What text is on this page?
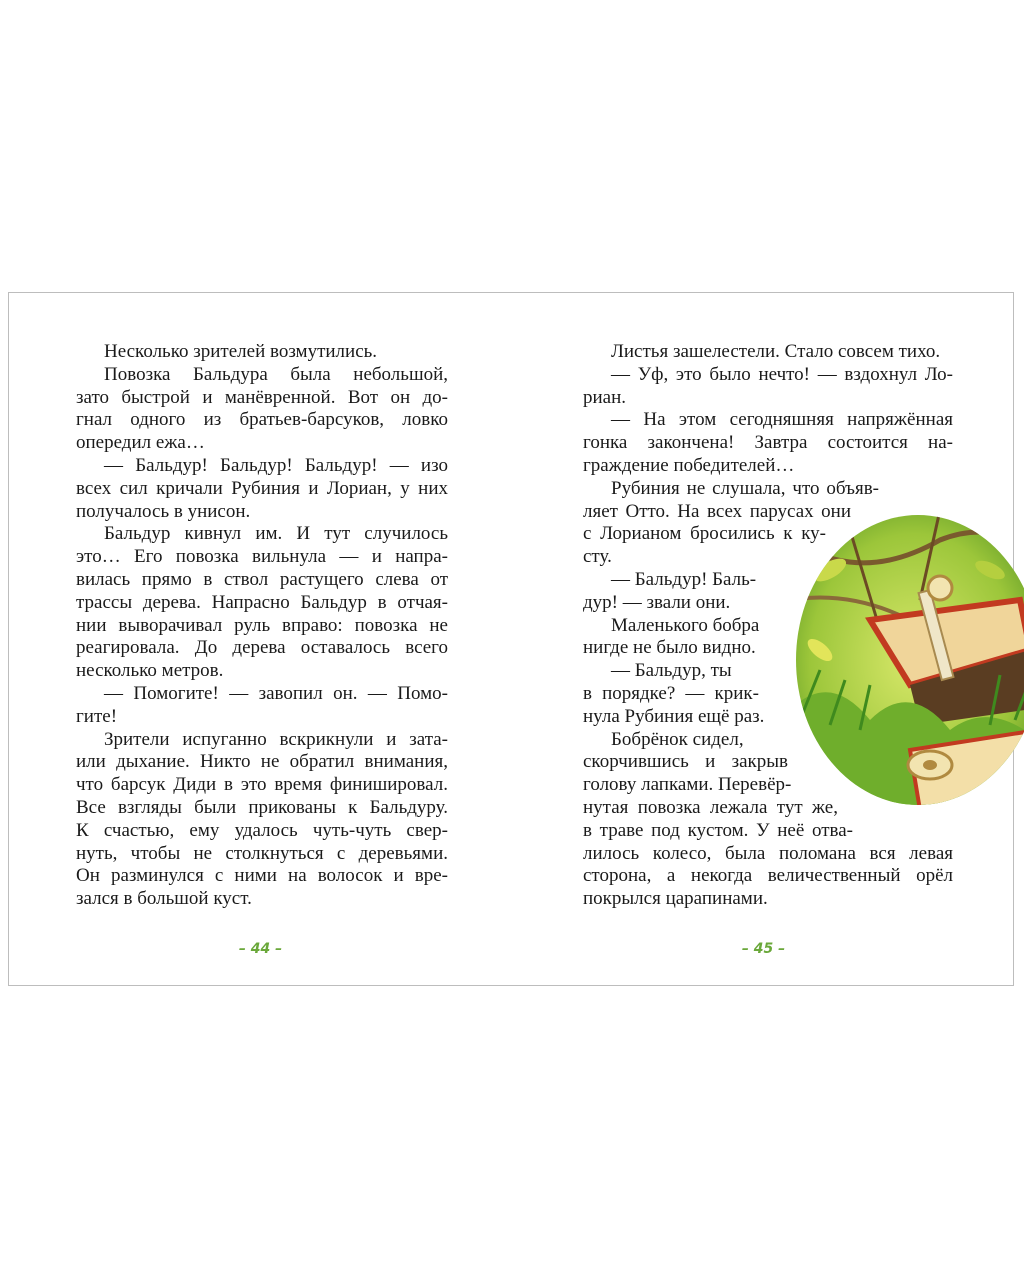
Несколько зрителей возмутились.
Повозка Бальдура была небольшой,
зато быстрой и манёвренной. Вот он до-
гнал одного из братьев-барсуков, ловко
опередил ежа…
— Бальдур! Бальдур! Бальдур! — изо
всех сил кричали Рубиния и Лориан, у них
получалось в унисон.
Бальдур кивнул им. И тут случилось
это… Его повозка вильнула — и напра-
вилась прямо в ствол растущего слева от
трассы дерева. Напрасно Бальдур в отчая-
нии выворачивал руль вправо: повозка не
реагировала. До дерева оставалось всего
несколько метров.
— Помогите! — завопил он. — Помо-
гите!
Зрители испуганно вскрикнули и зата-
или дыхание. Никто не обратил внимания,
что барсук Диди в это время финишировал.
Все взгляды были прикованы к Бальдуру.
К счастью, ему удалось чуть-чуть свер-
нуть, чтобы не столкнуться с деревьями.
Он разминулся с ними на волосок и вре-
зался в большой куст.
– 44 –
Листья зашелестели. Стало совсем тихо.
— Уф, это было нечто! — вздохнул Ло-
риан.
— На этом сегодняшняя напряжённая
гонка закончена! Завтра состоится на-
граждение победителей…
Рубиния не слушала, что объяв-
ляет Отто. На всех парусах они
с Лорианом бросились к ку-
сту.
— Бальдур! Баль-
дур! — звали они.
Маленького бобра
нигде не было видно.
— Бальдур, ты
в порядке? — крик-
нула Рубиния ещё раз.
Бобрёнок сидел,
скорчившись и закрыв
голову лапками. Перевёр-
нутая повозка лежала тут же,
в траве под кустом. У неё отва-
лилось колесо, была поломана вся левая
сторона, а некогда величественный орёл
покрылся царапинами.
– 45 –
